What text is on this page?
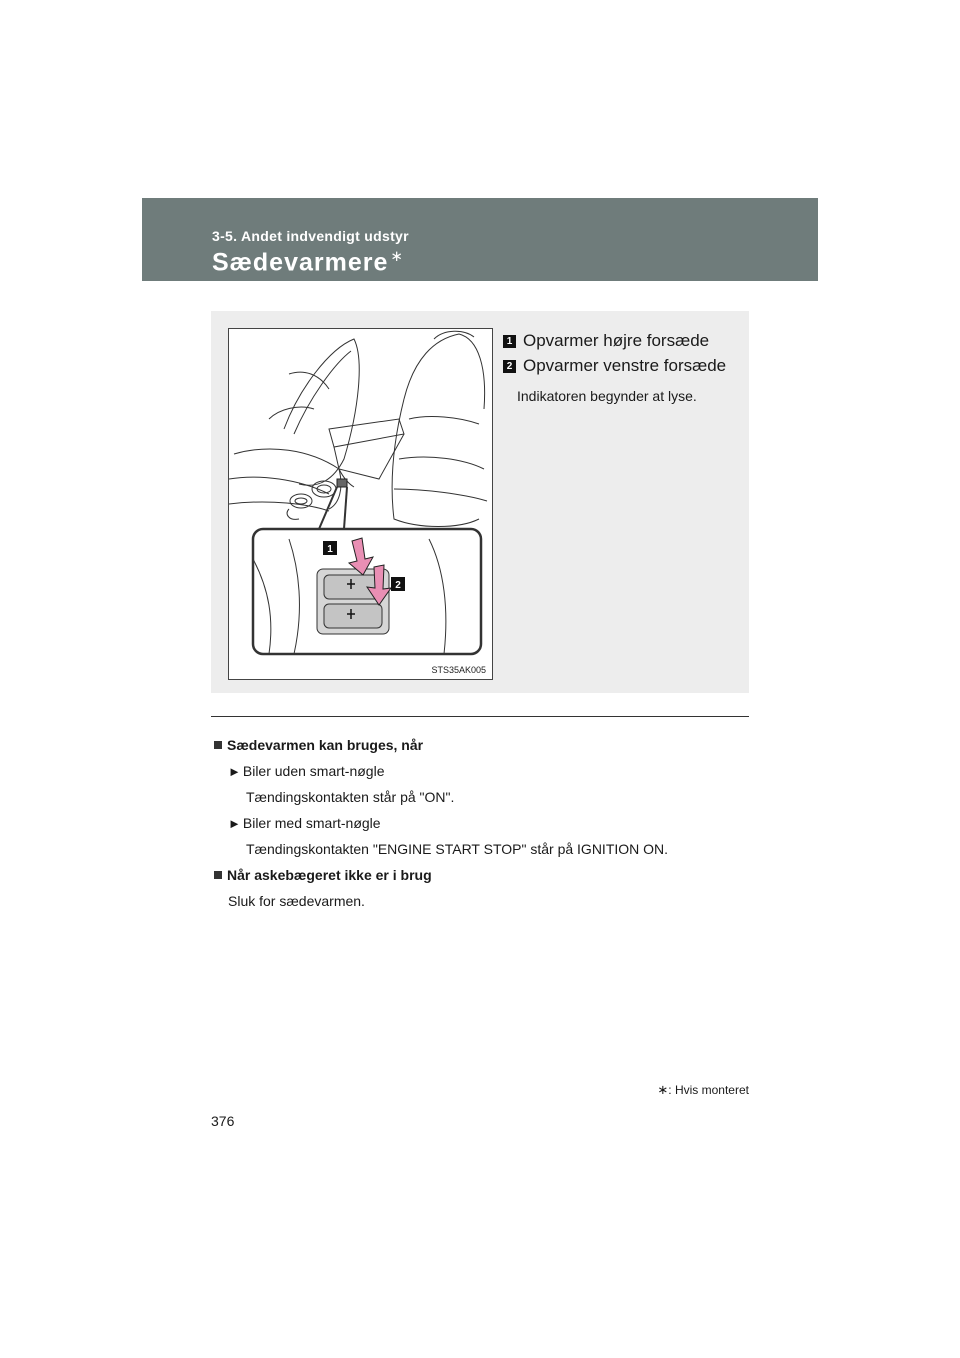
3-5. Andet indvendigt udstyr
Sædevarmere ∗
1
2
STS35AK005
1 Opvarmer højre forsæde
2 Opvarmer venstre forsæde
Indikatoren begynder at lyse.
Sædevarmen kan bruges, når
► Biler uden smart-nøgle
Tændingskontakten står på "ON".
► Biler med smart-nøgle
Tændingskontakten "ENGINE START STOP" står på IGNITION ON.
Når askebægeret ikke er i brug
Sluk for sædevarmen.
∗: Hvis monteret
376
